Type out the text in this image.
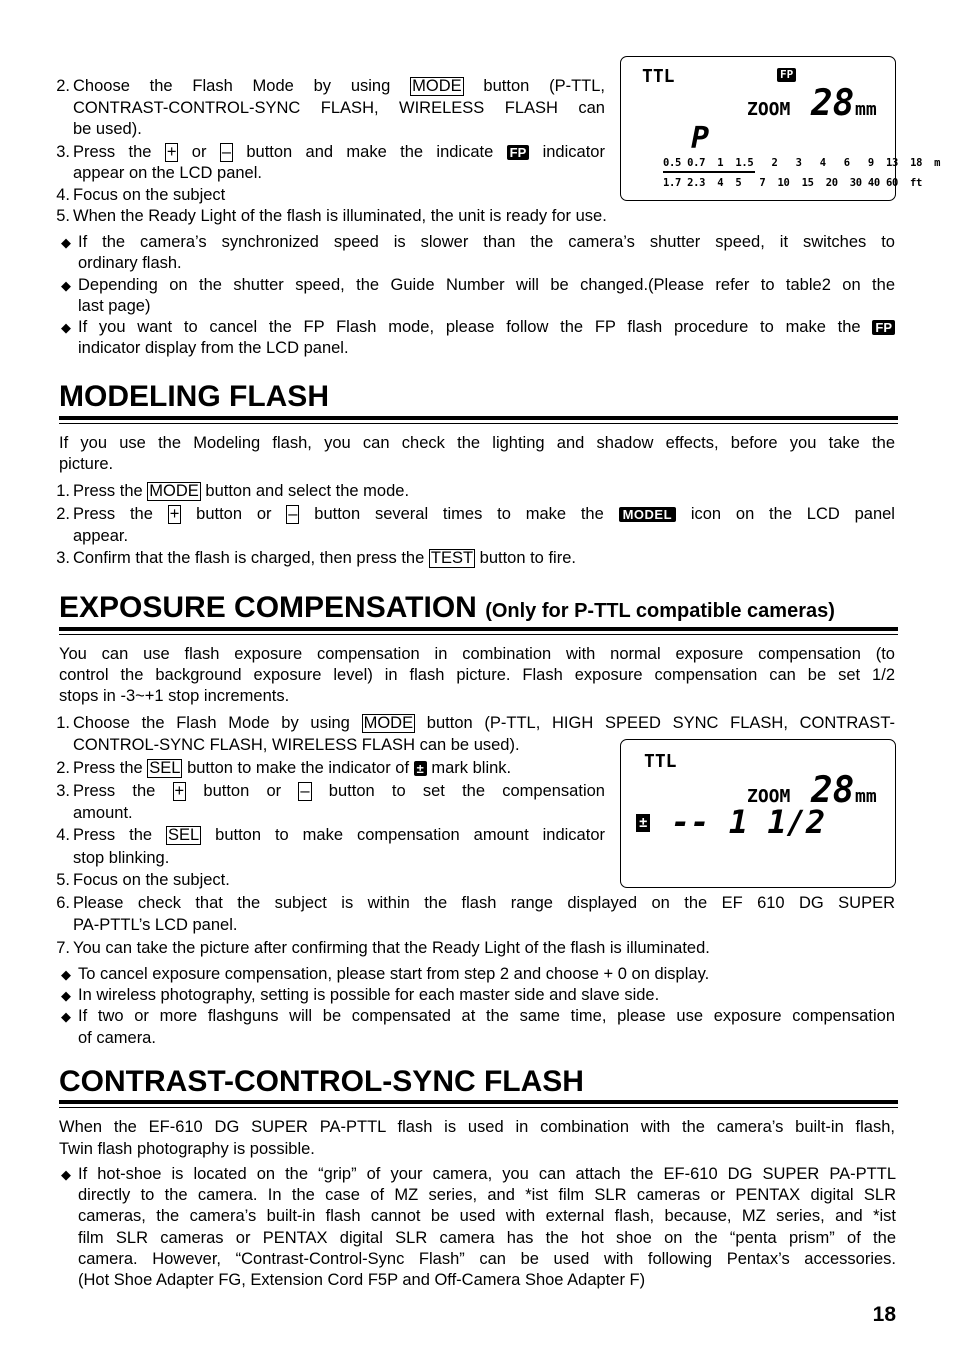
2. Choose the Flash Mode by using MODE button (P-TTL,
CONTRAST-CONTROL-SYNC FLASH, WIRELESS FLASH can
be used).
3. Press the + or – button and make the indicate FP indicator
appear on the LCD panel.
4. Focus on the subject
5. When the Ready Light of the flash is illuminated, the unit is ready for use.
◆ If the camera’s synchronized speed is slower than the camera’s shutter speed, it switches to
ordinary flash.
◆ Depending on the shutter speed, the Guide Number will be changed.(Please refer to table2 on the
last page)
◆ If you want to cancel the FP Flash mode, please follow the FP flash procedure to make the FP
indicator display from the LCD panel.
TTL	FP
ZOOM 28 mm
P
0.5 0.7 1 1.5 2 3 4 6 9 13 18 m
1.7 2.3 4 5 7 10 15 20 30 40 60 ft
MODELING FLASH
If you use the Modeling flash, you can check the lighting and shadow effects, before you take the
picture.
1. Press the MODE button and select the mode.
2. Press the + button or – button several times to make the MODEL icon on the LCD panel
appear.
3. Confirm that the flash is charged, then press the TEST button to fire.
EXPOSURE COMPENSATION (Only for P-TTL compatible cameras)
You can use flash exposure compensation in combination with normal exposure compensation (to
control the background exposure level) in flash picture. Flash exposure compensation can be set 1/2
stops in -3~+1 stop increments.
1. Choose the Flash Mode by using MODE button (P-TTL, HIGH SPEED SYNC FLASH, CONTRAST-
CONTROL-SYNC FLASH, WIRELESS FLASH can be used).
2. Press the SEL button to make the indicator of ± mark blink.
3. Press the + button or – button to set the compensation
amount.
4. Press the SEL button to make compensation amount indicator
stop blinking.
5. Focus on the subject.
6. Please check that the subject is within the flash range displayed on the EF 610 DG SUPER
PA-PTTL’s LCD panel.
7. You can take the picture after confirming that the Ready Light of the flash is illuminated.
◆ To cancel exposure compensation, please start from step 2 and choose + 0 on display.
◆ In wireless photography, setting is possible for each master side and slave side.
◆ If two or more flashguns will be compensated at the same time, please use exposure compensation
of camera.
TTL
ZOOM 28 mm
± -- 1 1/2
CONTRAST-CONTROL-SYNC FLASH
When the EF-610 DG SUPER PA-PTTL flash is used in combination with the camera’s built-in flash,
Twin flash photography is possible.
◆ If hot-shoe is located on the “grip” of your camera, you can attach the EF-610 DG SUPER PA-PTTL
directly to the camera. In the case of MZ series, and *ist film SLR cameras or PENTAX digital SLR
cameras, the camera’s built-in flash cannot be used with external flash, because, MZ series, and *ist
film SLR cameras or PENTAX digital SLR camera has the hot shoe on the “penta prism” of the
camera. However, “Contrast-Control-Sync Flash” can be used with following Pentax’s accessories.
(Hot Shoe Adapter FG, Extension Cord F5P and Off-Camera Shoe Adapter F)
18
